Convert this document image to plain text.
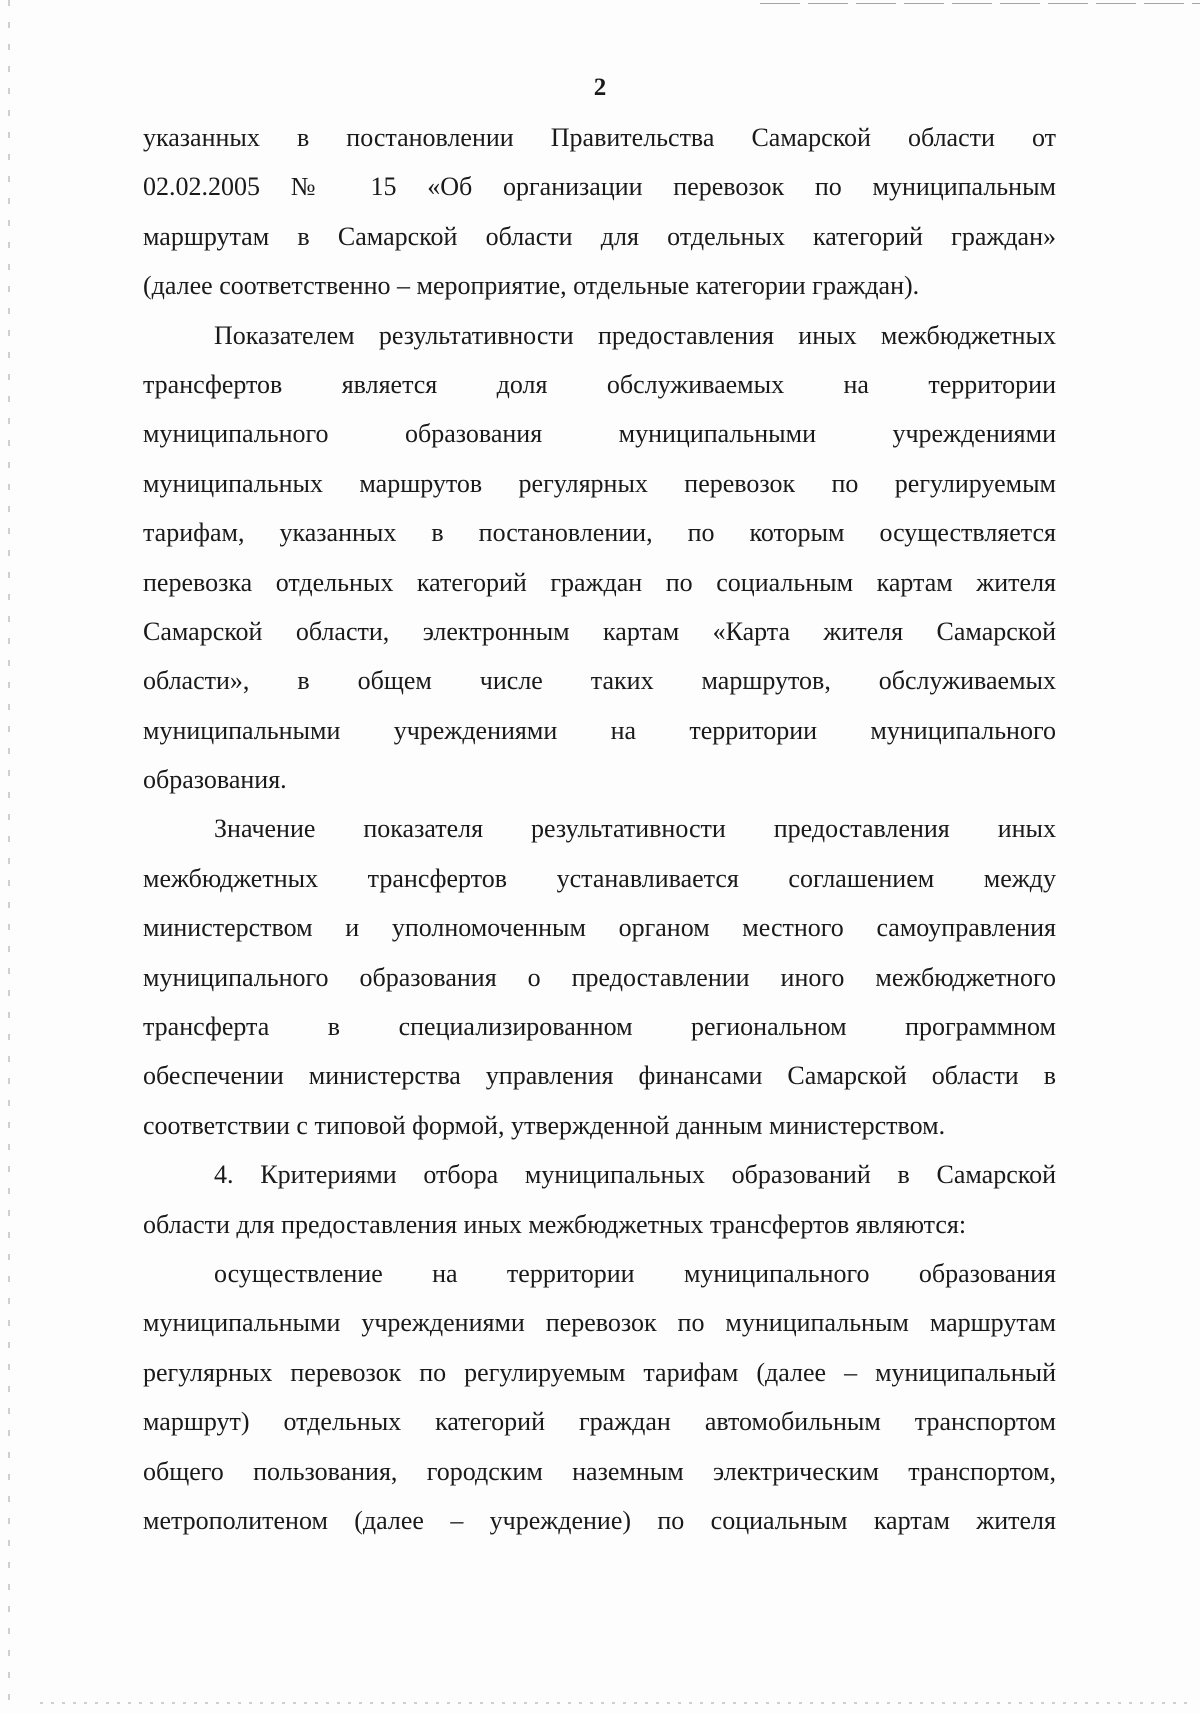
2
указанных в постановлении Правительства Самарской области от
02.02.2005 № 15 «Об организации перевозок по муниципальным
маршрутам в Самарской области для отдельных категорий граждан»
(далее соответственно – мероприятие, отдельные категории граждан).
Показателем результативности предоставления иных межбюджетных
трансфертов является доля обслуживаемых на территории
муниципального образования муниципальными учреждениями
муниципальных маршрутов регулярных перевозок по регулируемым
тарифам, указанных в постановлении, по которым осуществляется
перевозка отдельных категорий граждан по социальным картам жителя
Самарской области, электронным картам «Карта жителя Самарской
области», в общем числе таких маршрутов, обслуживаемых
муниципальными учреждениями на территории муниципального
образования.
Значение показателя результативности предоставления иных
межбюджетных трансфертов устанавливается соглашением между
министерством и уполномоченным органом местного самоуправления
муниципального образования о предоставлении иного межбюджетного
трансферта в специализированном региональном программном
обеспечении министерства управления финансами Самарской области в
соответствии с типовой формой, утвержденной данным министерством.
4. Критериями отбора муниципальных образований в Самарской
области для предоставления иных межбюджетных трансфертов являются:
осуществление на территории муниципального образования
муниципальными учреждениями перевозок по муниципальным маршрутам
регулярных перевозок по регулируемым тарифам (далее – муниципальный
маршрут) отдельных категорий граждан автомобильным транспортом
общего пользования, городским наземным электрическим транспортом,
метрополитеном (далее – учреждение) по социальным картам жителя
